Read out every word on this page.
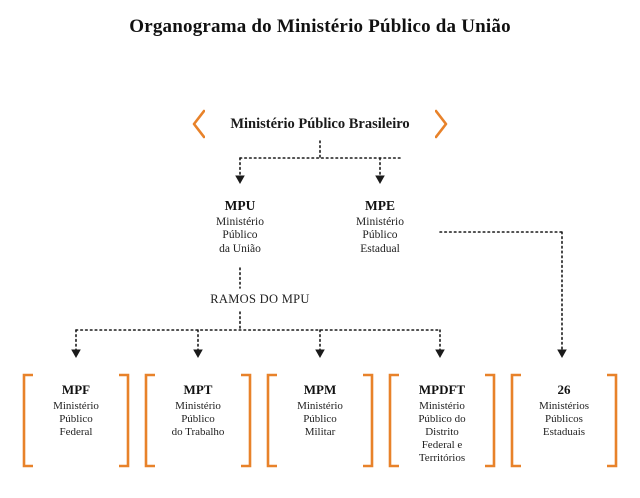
Organograma do Ministério Público da União
Ministério Público Brasileiro
MPU
Ministério
Público
da União
MPE
Ministério
Público
Estadual
RAMOS DO MPU
MPF
Ministério
Público
Federal
MPT
Ministério
Público
do Trabalho
MPM
Ministério
Público
Militar
MPDFT
Ministério
Público do
Distrito
Federal e
Territórios
26
Ministérios
Públicos
Estaduais
